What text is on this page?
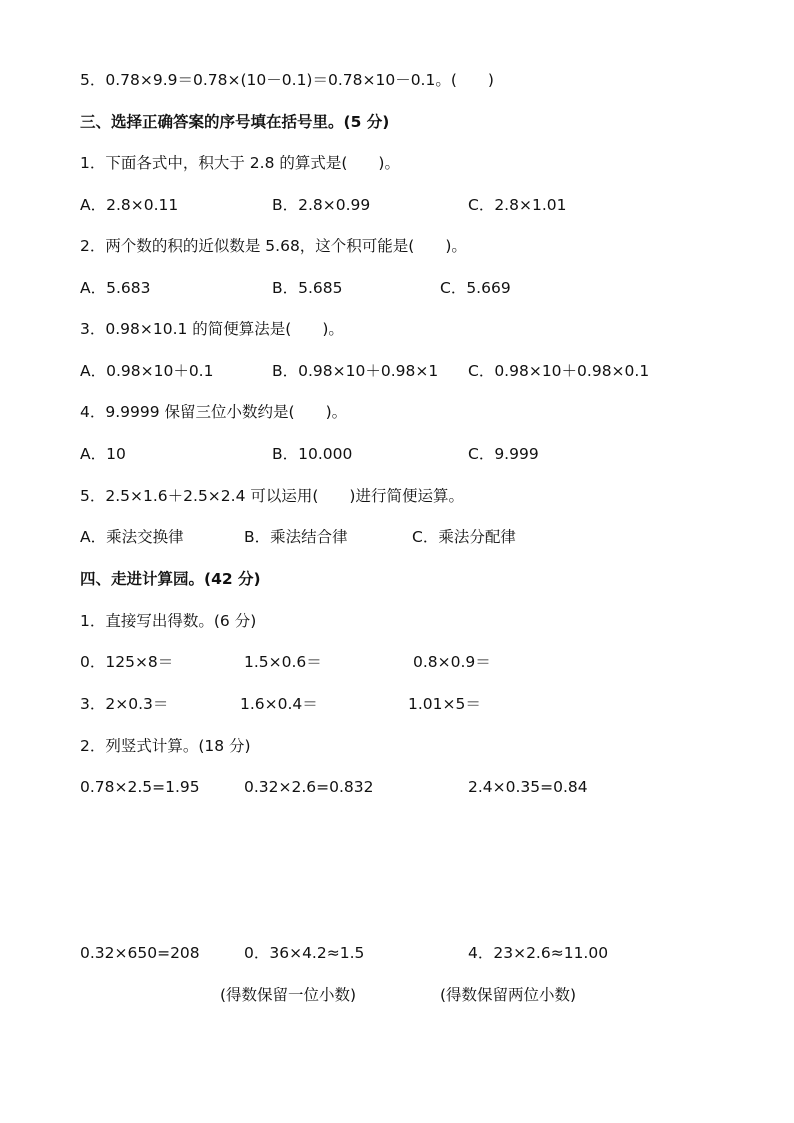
5．0.78×9.9＝0.78×(10－0.1)＝0.78×10－0.1。(　　)
三、选择正确答案的序号填在括号里。(5 分)
1．下面各式中，积大于 2.8 的算式是(　　)。
A．2.8×0.11	B．2.8×0.99	C．2.8×1.01
2．两个数的积的近似数是 5.68，这个积可能是(　　)。
A．5.683	B．5.685	C．5.669
3．0.98×10.1 的简便算法是(　　)。
A．0.98×10＋0.1	B．0.98×10＋0.98×1 C．0.98×10＋0.98×0.1
4．9.9999 保留三位小数约是(　　)。
A．10	B．10.000	C．9.999
5．2.5×1.6＋2.5×2.4 可以运用(　　)进行简便运算。
A．乘法交换律	B．乘法结合律	C．乘法分配律
四、走进计算园。(42 分)
1．直接写出得数。(6 分)
0．125×8＝	1.5×0.6＝	0.8×0.9＝
3．2×0.3＝	1.6×0.4＝	1.01×5＝
2．列竖式计算。(18 分)
0.78×2.5=1.95	0.32×2.6=0.832	2.4×0.35=0.84
0.32×650=208	0．36×4.2≈1.5	4．23×2.6≈11.00
(得数保留一位小数)	(得数保留两位小数)
